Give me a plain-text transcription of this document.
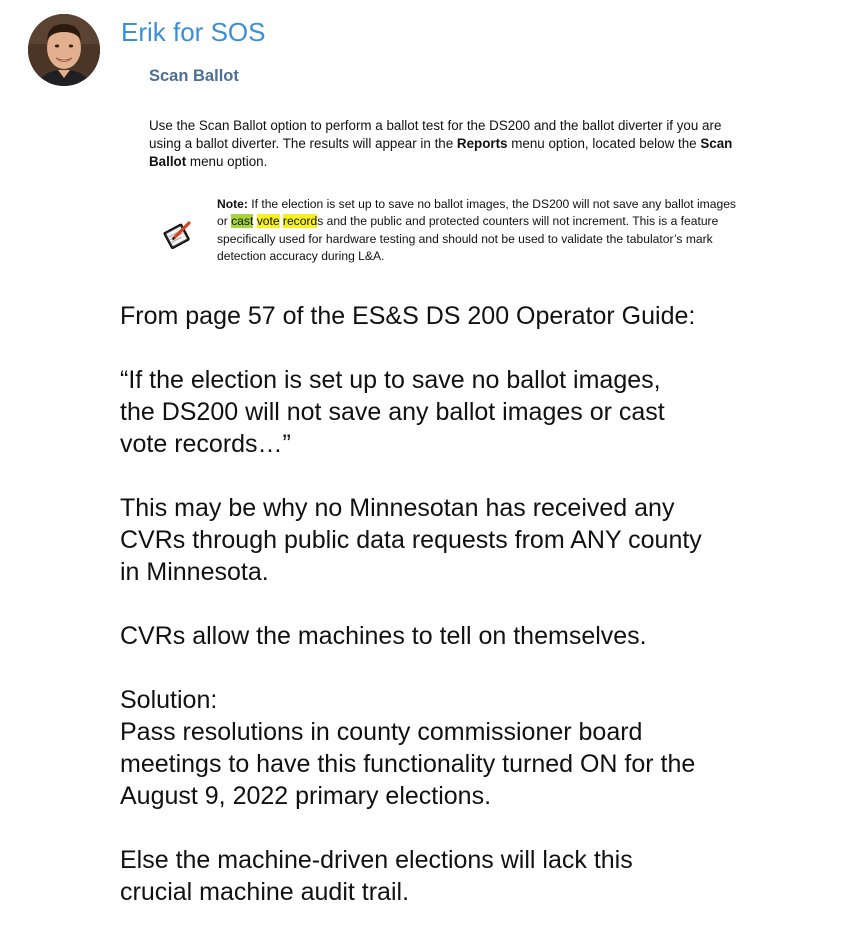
Erik for SOS
Scan Ballot
Use the Scan Ballot option to perform a ballot test for the DS200 and the ballot diverter if you are using a ballot diverter. The results will appear in the Reports menu option, located below the Scan Ballot menu option.
Note: If the election is set up to save no ballot images, the DS200 will not save any ballot images or cast vote records and the public and protected counters will not increment. This is a feature specifically used for hardware testing and should not be used to validate the tabulator’s mark detection accuracy during L&A.

From page 57 of the ES&S DS 200 Operator Guide:

“If the election is set up to save no ballot images,
the DS200 will not save any ballot images or cast
vote records…”

This may be why no Minnesotan has received any
CVRs through public data requests from ANY county
in Minnesota.

CVRs allow the machines to tell on themselves.

Solution:
Pass resolutions in county commissioner board
meetings to have this functionality turned ON for the
August 9, 2022 primary elections.

Else the machine-driven elections will lack this
crucial machine audit trail.
